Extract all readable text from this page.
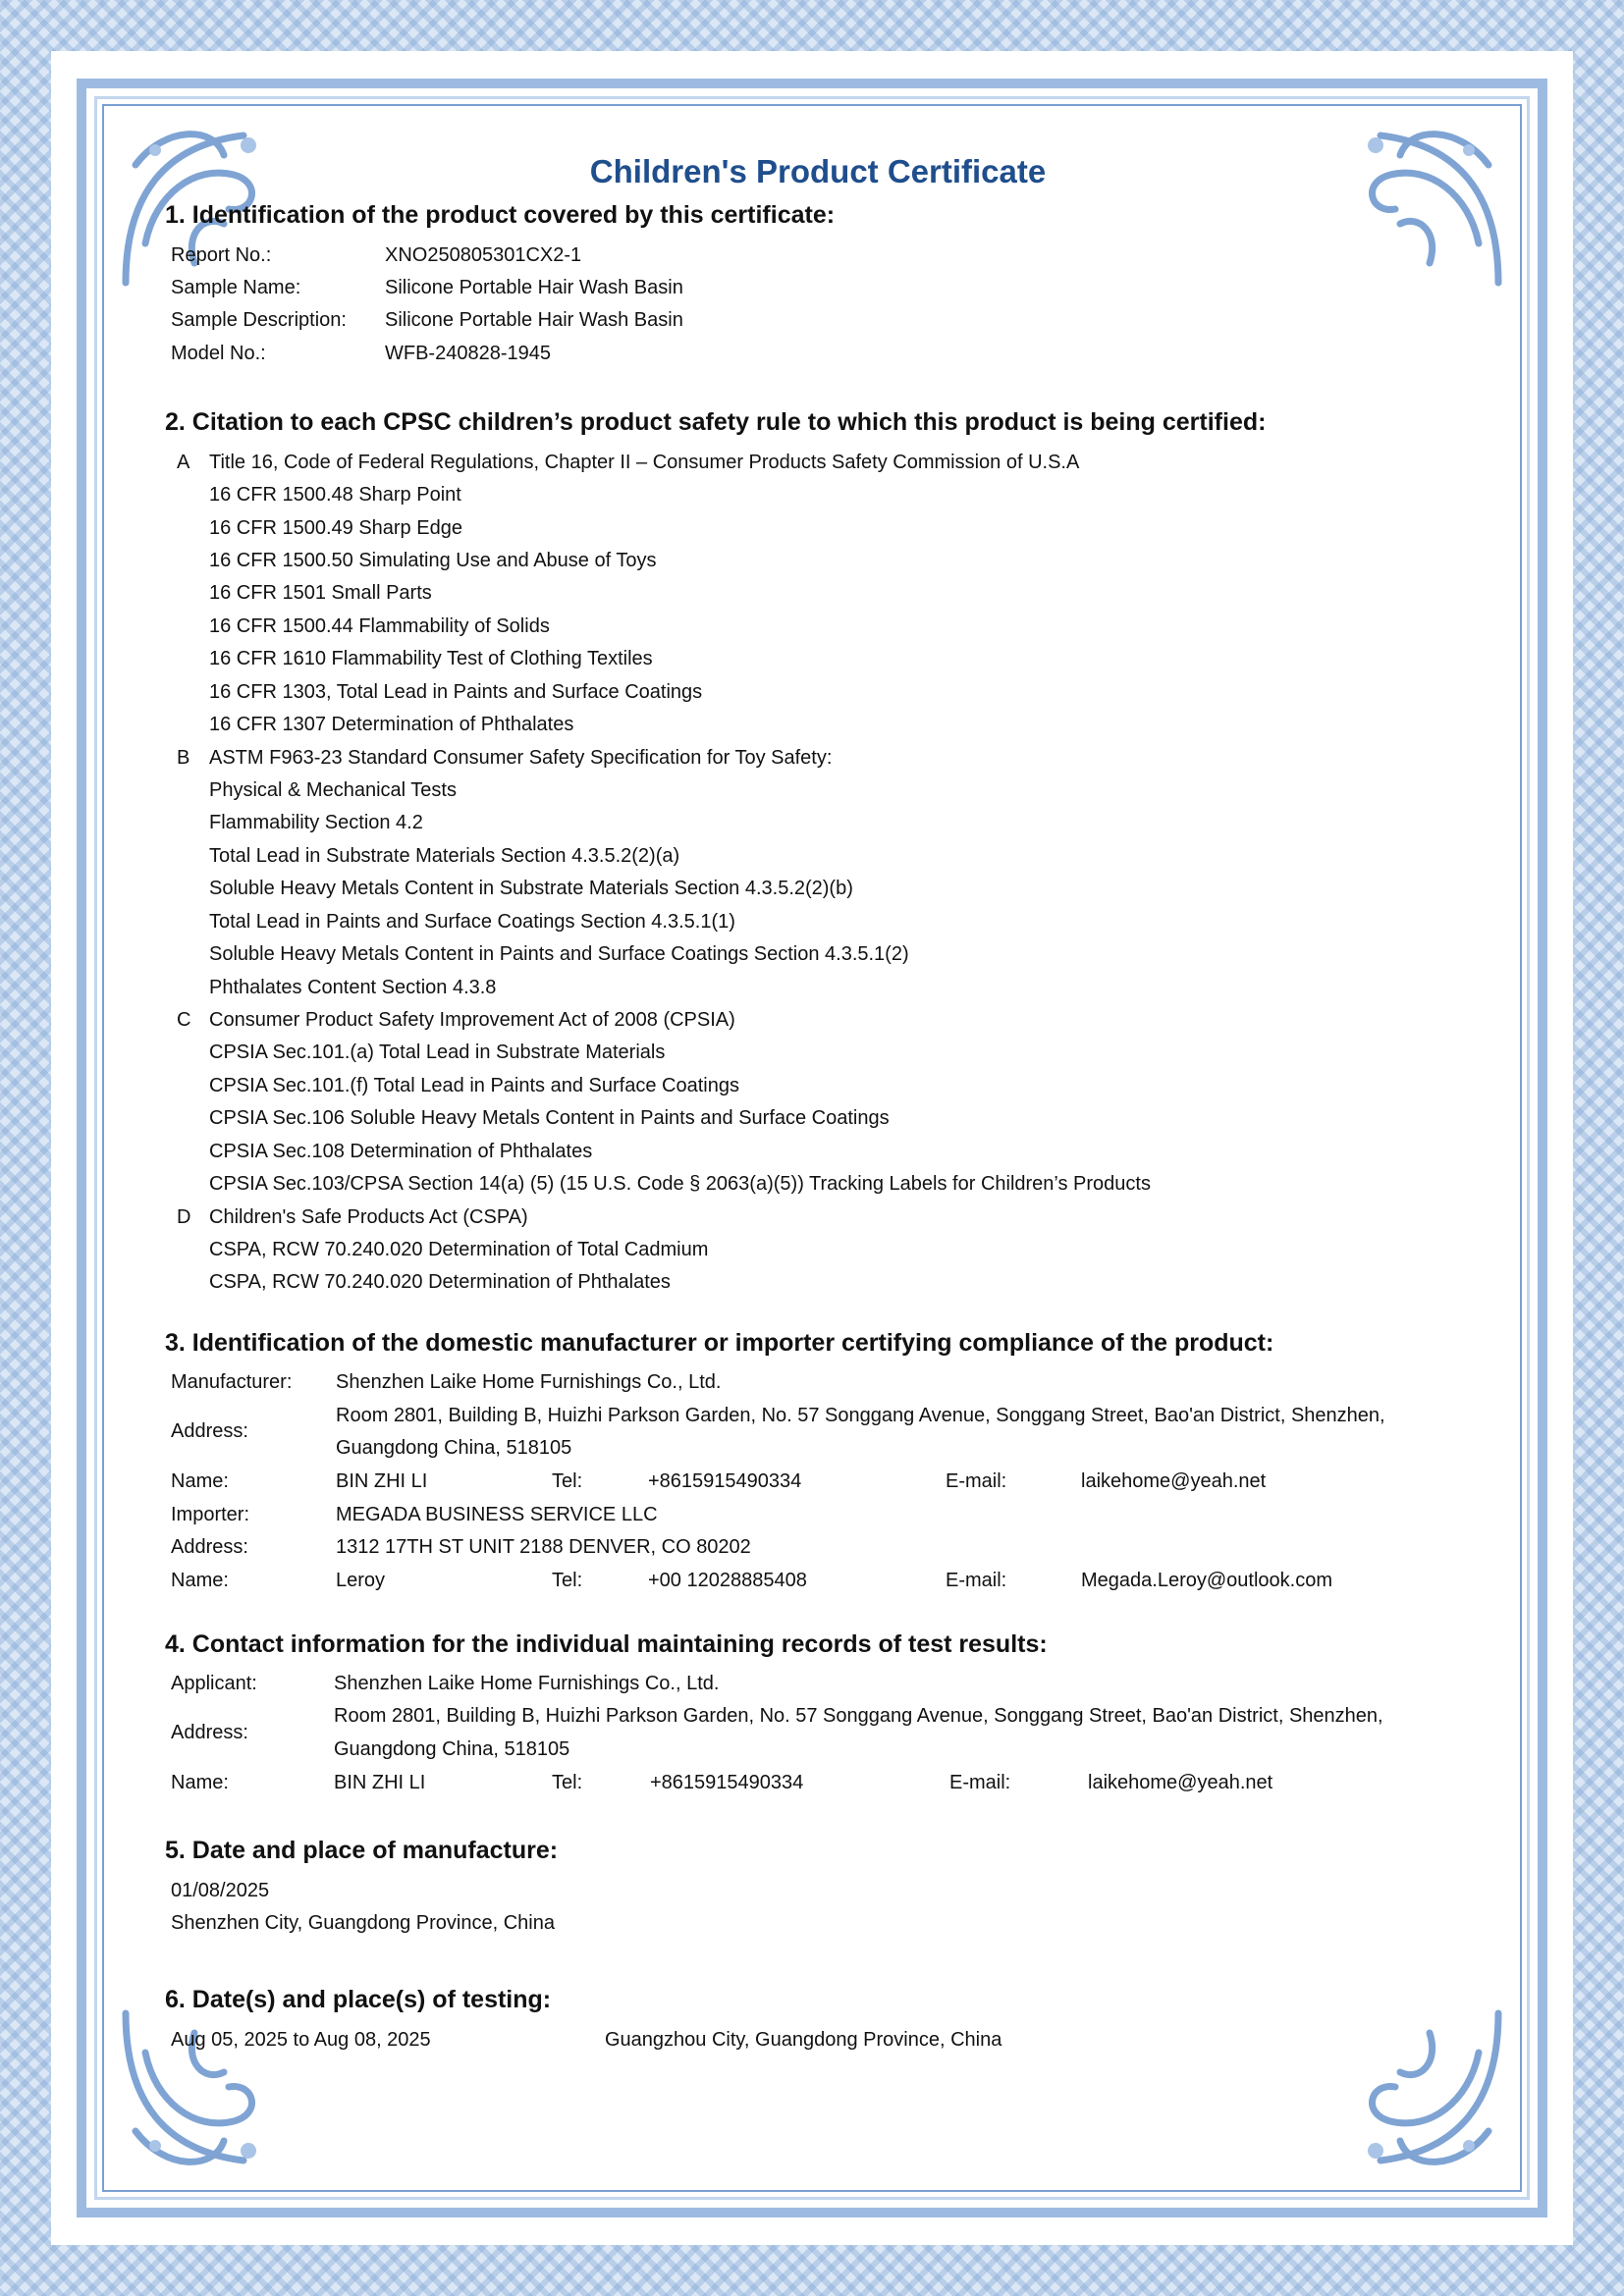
Children's Product Certificate
1. Identification of the product covered by this certificate:
Report No.:	XNO250805301CX2-1
Sample Name:	Silicone Portable Hair Wash Basin
Sample Description: Silicone Portable Hair Wash Basin
Model No.:	WFB-240828-1945
2. Citation to each CPSC children’s product safety rule to which this product is being certified:
A Title 16, Code of Federal Regulations, Chapter II – Consumer Products Safety Commission of U.S.A
16 CFR 1500.48 Sharp Point
16 CFR 1500.49 Sharp Edge
16 CFR 1500.50 Simulating Use and Abuse of Toys
16 CFR 1501 Small Parts
16 CFR 1500.44 Flammability of Solids
16 CFR 1610 Flammability Test of Clothing Textiles
16 CFR 1303, Total Lead in Paints and Surface Coatings
16 CFR 1307 Determination of Phthalates
B ASTM F963-23 Standard Consumer Safety Specification for Toy Safety:
Physical & Mechanical Tests
Flammability Section 4.2
Total Lead in Substrate Materials Section 4.3.5.2(2)(a)
Soluble Heavy Metals Content in Substrate Materials Section 4.3.5.2(2)(b)
Total Lead in Paints and Surface Coatings Section 4.3.5.1(1)
Soluble Heavy Metals Content in Paints and Surface Coatings Section 4.3.5.1(2)
Phthalates Content Section 4.3.8
C Consumer Product Safety Improvement Act of 2008 (CPSIA)
CPSIA Sec.101.(a) Total Lead in Substrate Materials
CPSIA Sec.101.(f) Total Lead in Paints and Surface Coatings
CPSIA Sec.106 Soluble Heavy Metals Content in Paints and Surface Coatings
CPSIA Sec.108 Determination of Phthalates
CPSIA Sec.103/CPSA Section 14(a) (5) (15 U.S. Code § 2063(a)(5)) Tracking Labels for Children’s Products
D Children's Safe Products Act (CSPA)
CSPA, RCW 70.240.020 Determination of Total Cadmium
CSPA, RCW 70.240.020 Determination of Phthalates
3. Identification of the domestic manufacturer or importer certifying compliance of the product:
Manufacturer: Shenzhen Laike Home Furnishings Co., Ltd.
Address:
Room 2801, Building B, Huizhi Parkson Garden, No. 57 Songgang Avenue, Songgang Street, Bao'an District, Shenzhen,
Guangdong China, 518105
Name:	BIN ZHI LI	Tel:	+8615915490334	E-mail:	laikehome@yeah.net
Importer:	MEGADA BUSINESS SERVICE LLC
Address:	1312 17TH ST UNIT 2188 DENVER, CO 80202
Name:	Leroy	Tel:	+00 12028885408	E-mail:	Megada.Leroy@outlook.com
4. Contact information for the individual maintaining records of test results:
Applicant:	Shenzhen Laike Home Furnishings Co., Ltd.
Address:
Room 2801, Building B, Huizhi Parkson Garden, No. 57 Songgang Avenue, Songgang Street, Bao'an District, Shenzhen,
Guangdong China, 518105
Name:	BIN ZHI LI	Tel:	+8615915490334	E-mail:	laikehome@yeah.net
5. Date and place of manufacture:
01/08/2025
Shenzhen City, Guangdong Province, China
6. Date(s) and place(s) of testing:
Aug 05, 2025 to Aug 08, 2025	Guangzhou City, Guangdong Province, China
